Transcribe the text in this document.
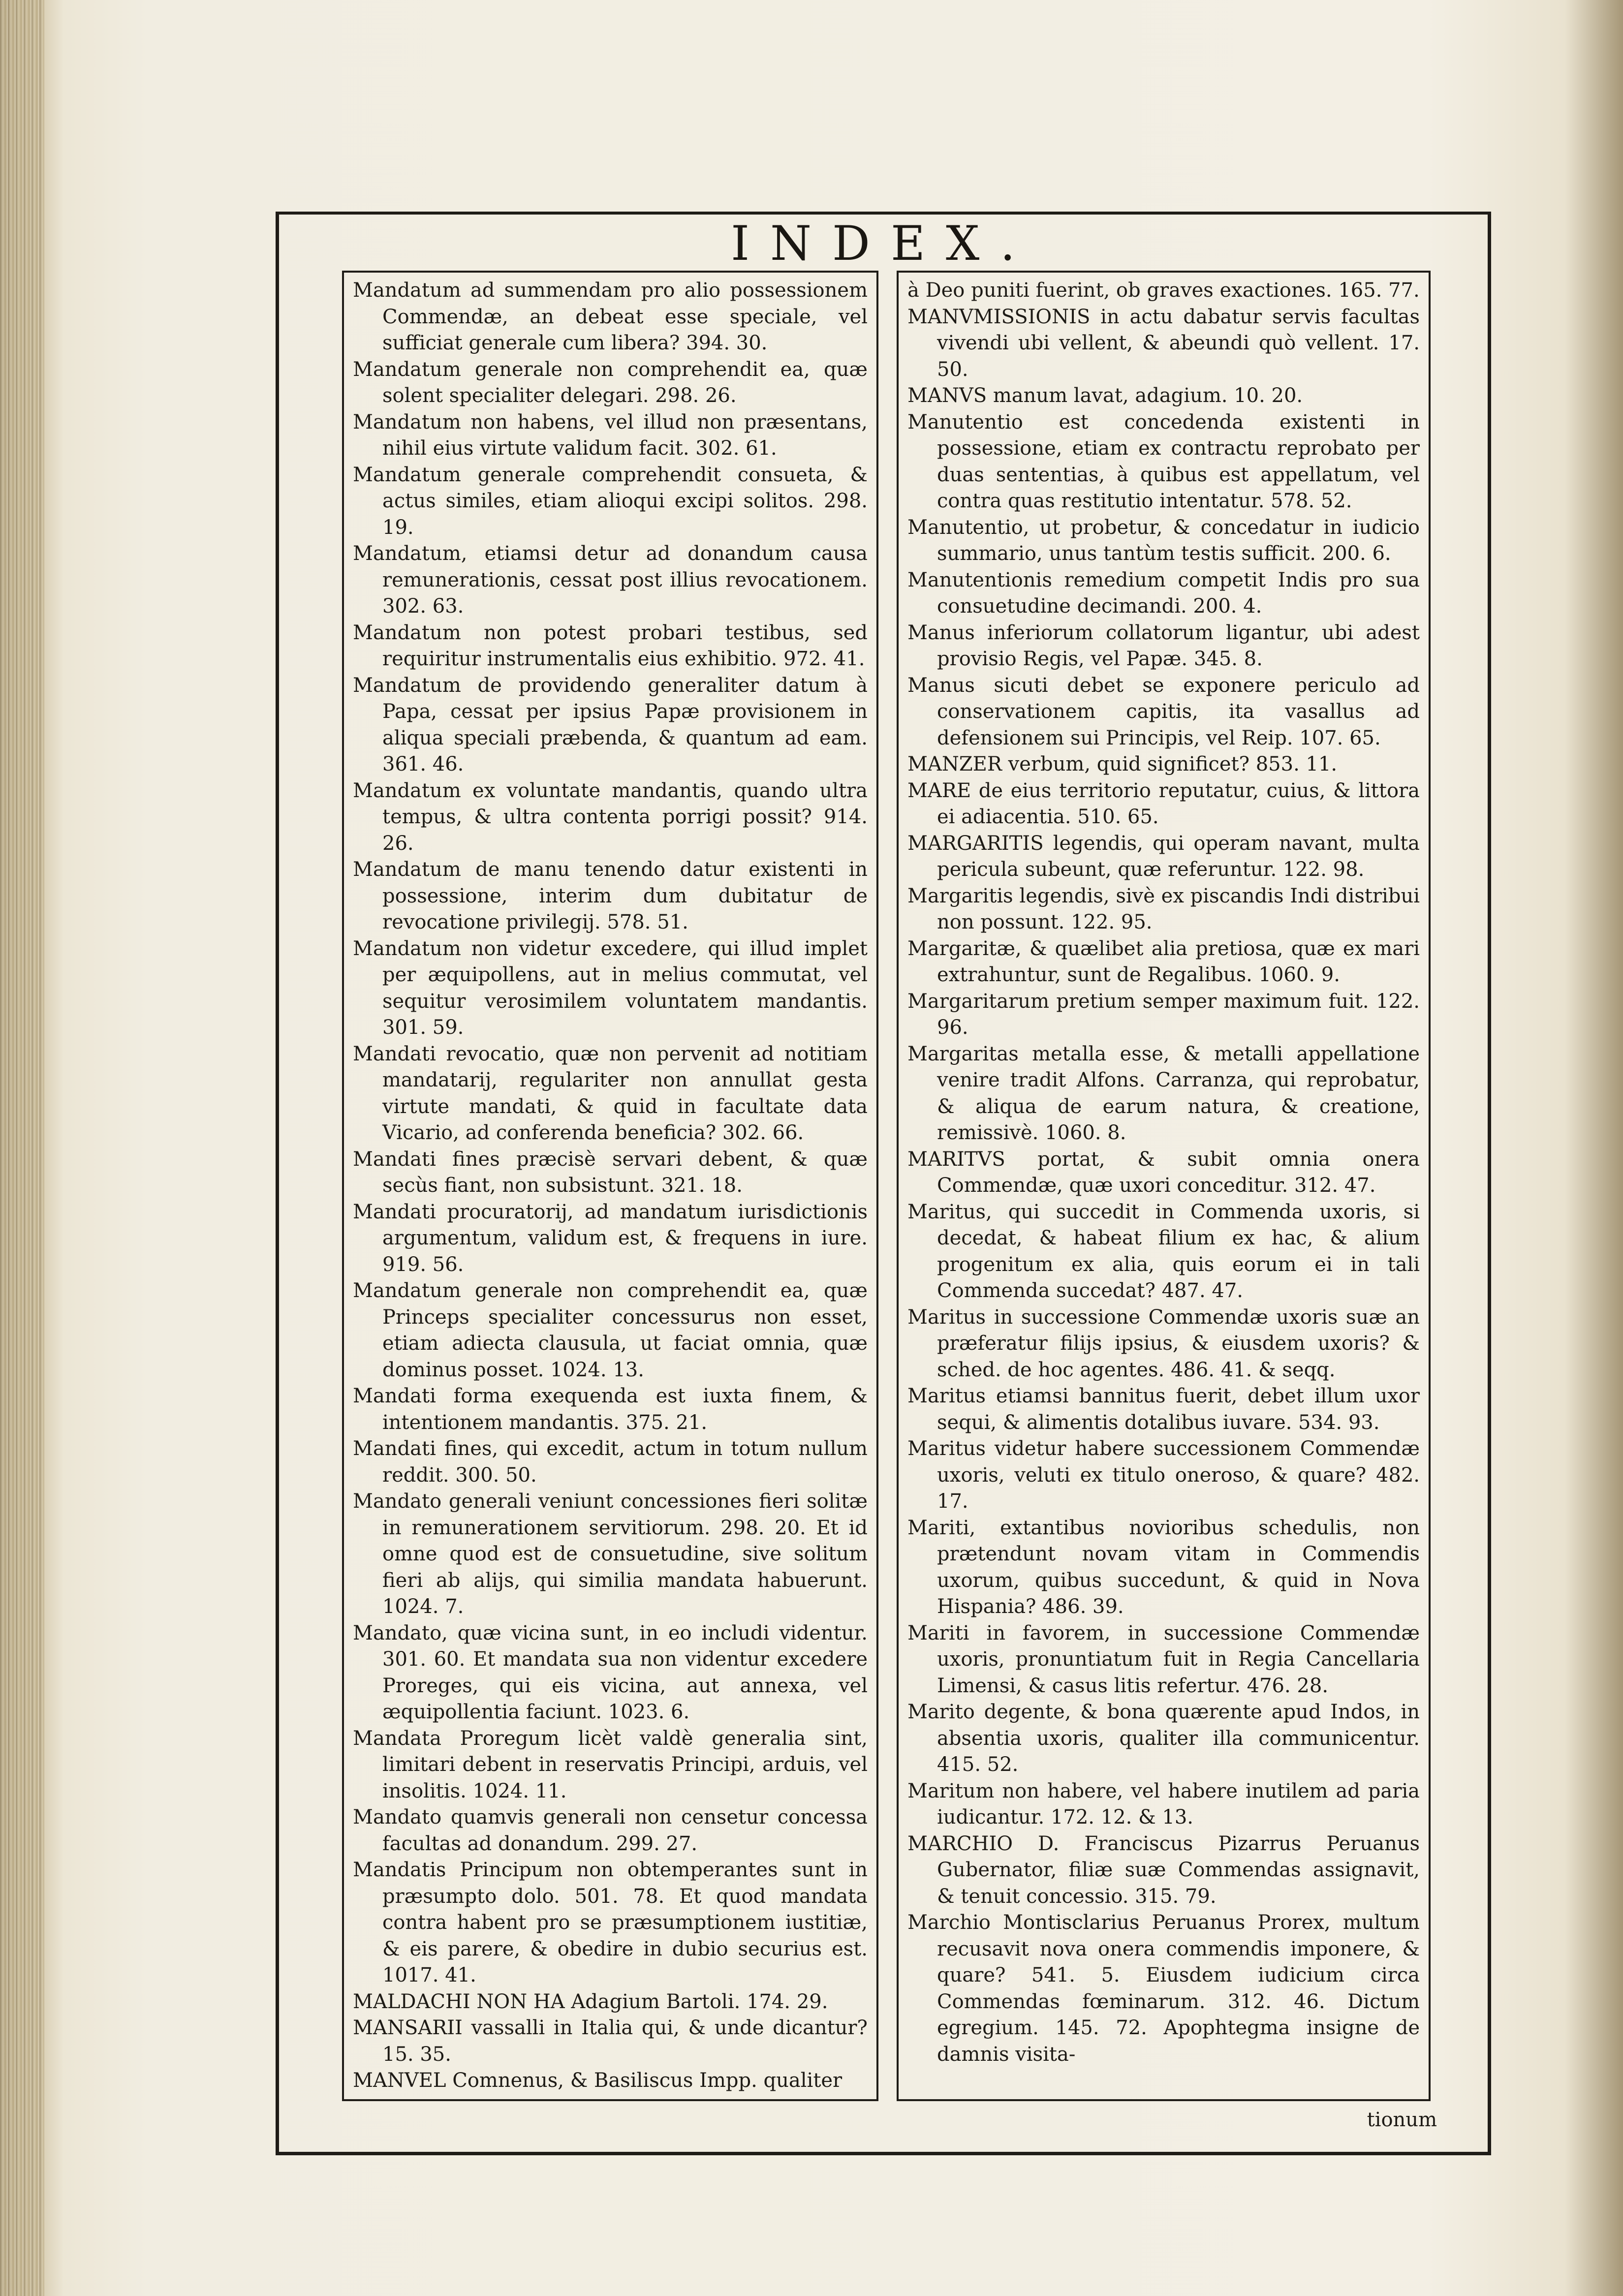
INDEX.

Mandatum ad summendam pro alio possessionem Commendæ, an debeat esse speciale, vel sufficiat generale cum libera? 394. 30.

Mandatum generale non comprehendit ea, quæ solent specialiter delegari. 298. 26.

Mandatum non habens, vel illud non præsentans, nihil eius virtute validum facit. 302. 61.

Mandatum generale comprehendit consueta, & actus similes, etiam alioqui excipi solitos. 298. 19.

Mandatum, etiamsi detur ad donandum causa remunerationis, cessat post illius revocationem. 302. 63.

Mandatum non potest probari testibus, sed requiritur instrumentalis eius exhibitio. 972. 41.

Mandatum de providendo generaliter datum à Papa, cessat per ipsius Papæ provisionem in aliqua speciali præbenda, & quantum ad eam. 361. 46.

Mandatum ex voluntate mandantis, quando ultra tempus, & ultra contenta porrigi possit? 914. 26.

Mandatum de manu tenendo datur existenti in possessione, interim dum dubitatur de revocatione privilegij. 578. 51.

Mandatum non videtur excedere, qui illud implet per æquipollens, aut in melius commutat, vel sequitur verosimilem voluntatem mandantis. 301. 59.

Mandati revocatio, quæ non pervenit ad notitiam mandatarij, regulariter non annullat gesta virtute mandati, & quid in facultate data Vicario, ad conferenda beneficia? 302. 66.

Mandati fines præcisè servari debent, & quæ secùs fiant, non subsistunt. 321. 18.

Mandati procuratorij, ad mandatum iurisdictionis argumentum, validum est, & frequens in iure. 919. 56.

Mandatum generale non comprehendit ea, quæ Princeps specialiter concessurus non esset, etiam adiecta clausula, ut faciat omnia, quæ dominus posset. 1024. 13.

Mandati forma exequenda est iuxta finem, & intentionem mandantis. 375. 21.

Mandati fines, qui excedit, actum in totum nullum reddit. 300. 50.

Mandato generali veniunt concessiones fieri solitæ in remunerationem servitiorum. 298. 20. Et id omne quod est de consuetudine, sive solitum fieri ab alijs, qui similia mandata habuerunt. 1024. 7.

Mandato, quæ vicina sunt, in eo includi videntur. 301. 60. Et mandata sua non videntur excedere Proreges, qui eis vicina, aut annexa, vel æquipollentia faciunt. 1023. 6.

Mandata Proregum licèt valdè generalia sint, limitari debent in reservatis Principi, arduis, vel insolitis. 1024. 11.

Mandato quamvis generali non censetur concessa facultas ad donandum. 299. 27.

Mandatis Principum non obtemperantes sunt in præsumpto dolo. 501. 78. Et quod mandata contra habent pro se præsumptionem iustitiæ, & eis parere, & obedire in dubio securius est. 1017. 41.

MALDACHI NON HA Adagium Bartoli. 174. 29.

MANSARII vassalli in Italia qui, & unde dicantur? 15. 35.

MANVEL Comnenus, & Basiliscus Impp. qualiter

à Deo puniti fuerint, ob graves exactiones. 165. 77.

MANVMISSIONIS in actu dabatur servis facultas vivendi ubi vellent, & abeundi quò vellent. 17. 50.

MANVS manum lavat, adagium. 10. 20.

Manutentio est concedenda existenti in possessione, etiam ex contractu reprobato per duas sententias, à quibus est appellatum, vel contra quas restitutio intentatur. 578. 52.

Manutentio, ut probetur, & concedatur in iudicio summario, unus tantùm testis sufficit. 200. 6.

Manutentionis remedium competit Indis pro sua consuetudine decimandi. 200. 4.

Manus inferiorum collatorum ligantur, ubi adest provisio Regis, vel Papæ. 345. 8.

Manus sicuti debet se exponere periculo ad conservationem capitis, ita vasallus ad defensionem sui Principis, vel Reip. 107. 65.

MANZER verbum, quid significet? 853. 11.

MARE de eius territorio reputatur, cuius, & littora ei adiacentia. 510. 65.

MARGARITIS legendis, qui operam navant, multa pericula subeunt, quæ referuntur. 122. 98.

Margaritis legendis, sivè ex piscandis Indi distribui non possunt. 122. 95.

Margaritæ, & quælibet alia pretiosa, quæ ex mari extrahuntur, sunt de Regalibus. 1060. 9.

Margaritarum pretium semper maximum fuit. 122. 96.

Margaritas metalla esse, & metalli appellatione venire tradit Alfons. Carranza, qui reprobatur, & aliqua de earum natura, & creatione, remissivè. 1060. 8.

MARITVS portat, & subit omnia onera Commendæ, quæ uxori conceditur. 312. 47.

Maritus, qui succedit in Commenda uxoris, si decedat, & habeat filium ex hac, & alium progenitum ex alia, quis eorum ei in tali Commenda succedat? 487. 47.

Maritus in successione Commendæ uxoris suæ an præferatur filijs ipsius, & eiusdem uxoris? & sched. de hoc agentes. 486. 41. & seqq.

Maritus etiamsi bannitus fuerit, debet illum uxor sequi, & alimentis dotalibus iuvare. 534. 93.

Maritus videtur habere successionem Commendæ uxoris, veluti ex titulo oneroso, & quare? 482. 17.

Mariti, extantibus novioribus schedulis, non prætendunt novam vitam in Commendis uxorum, quibus succedunt, & quid in Nova Hispania? 486. 39.

Mariti in favorem, in successione Commendæ uxoris, pronuntiatum fuit in Regia Cancellaria Limensi, & casus litis refertur. 476. 28.

Marito degente, & bona quærente apud Indos, in absentia uxoris, qualiter illa communicentur. 415. 52.

Maritum non habere, vel habere inutilem ad paria iudicantur. 172. 12. & 13.

MARCHIO D. Franciscus Pizarrus Peruanus Gubernator, filiæ suæ Commendas assignavit, & tenuit concessio. 315. 79.

Marchio Montisclarius Peruanus Prorex, multum recusavit nova onera commendis imponere, & quare? 541. 5. Eiusdem iudicium circa Commendas fœminarum. 312. 46. Dictum egregium. 145. 72. Apophtegma insigne de damnis visita-

tionum
